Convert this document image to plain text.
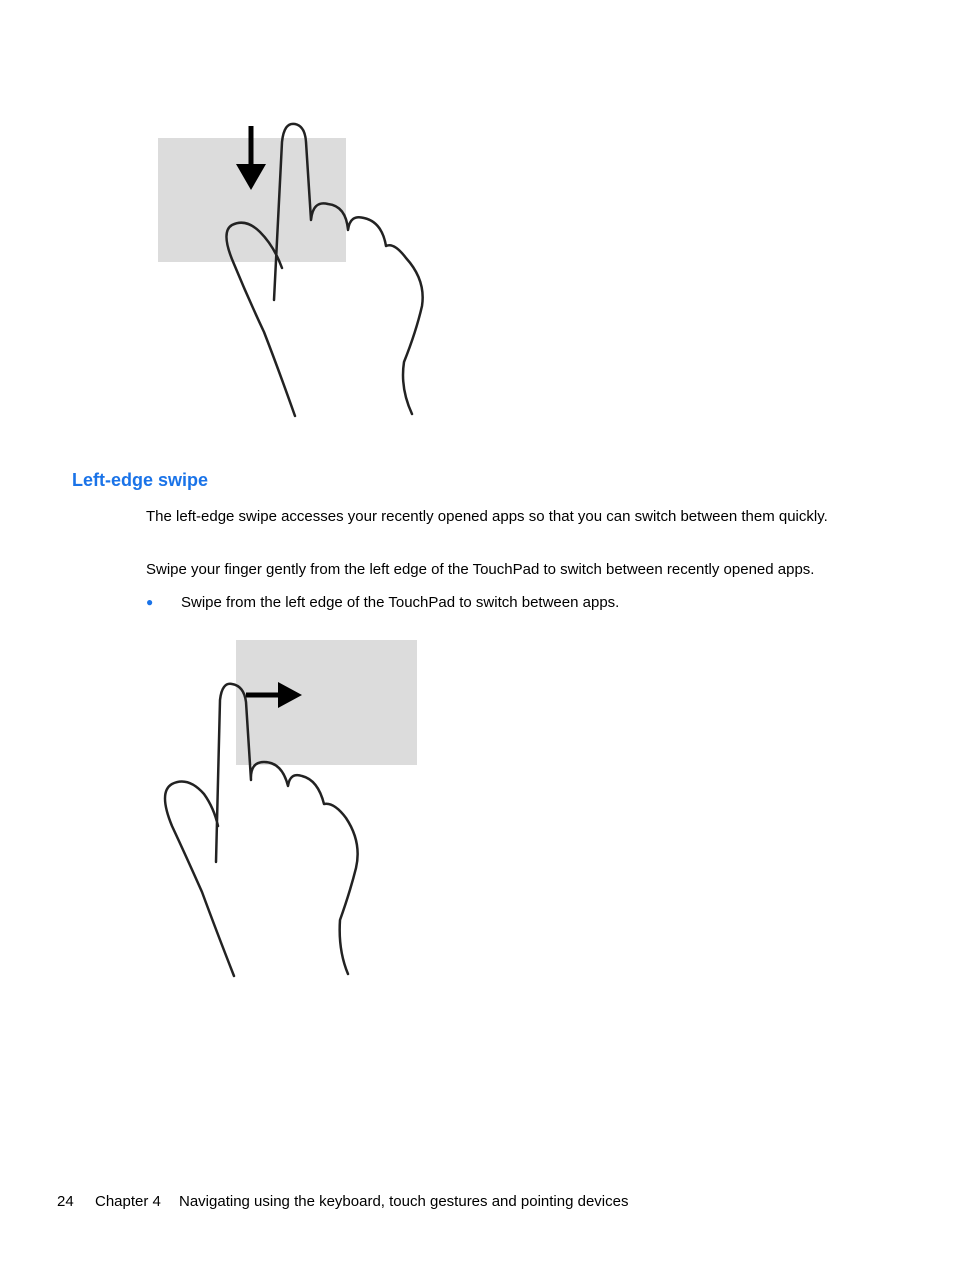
Left-edge swipe
The left-edge swipe accesses your recently opened apps so that you can switch between them quickly.
Swipe your finger gently from the left edge of the TouchPad to switch between recently opened apps.
● Swipe from the left edge of the TouchPad to switch between apps.
24 Chapter 4 Navigating using the keyboard, touch gestures and pointing devices
